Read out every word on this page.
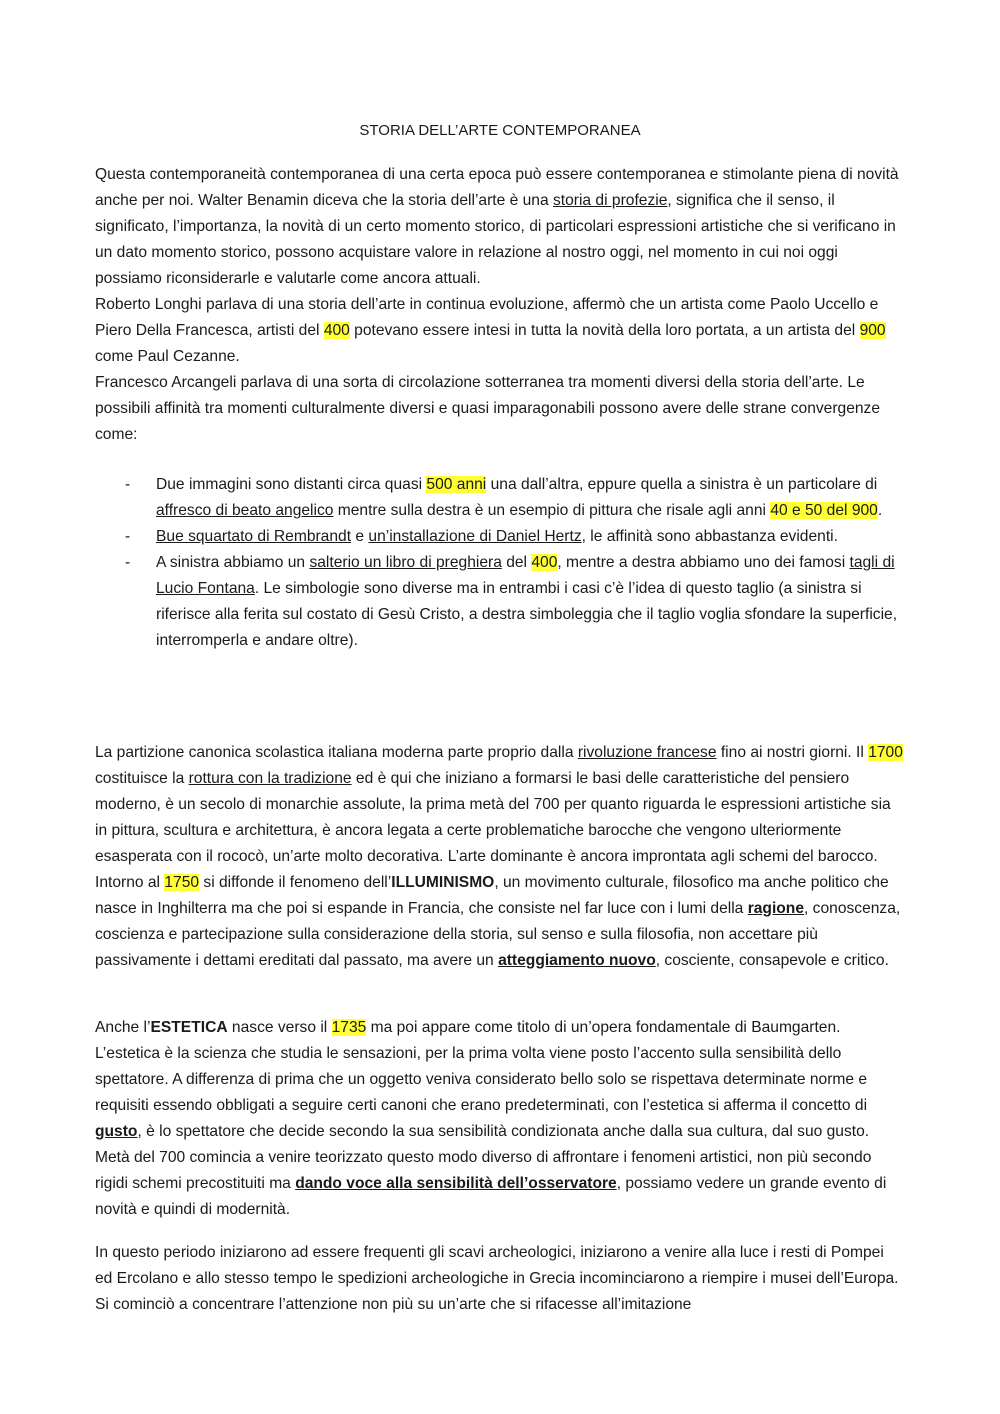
STORIA DELL’ARTE CONTEMPORANEA

Questa contemporaneità contemporanea di una certa epoca può essere contemporanea e stimolante piena di novità anche per noi. Walter Benamin diceva che la storia dell’arte è una storia di profezie, significa che il senso, il significato, l’importanza, la novità di un certo momento storico, di particolari espressioni artistiche che si verificano in un dato momento storico, possono acquistare valore in relazione al nostro oggi, nel momento in cui noi oggi possiamo riconsiderarle e valutarle come ancora attuali.

Roberto Longhi parlava di una storia dell’arte in continua evoluzione, affermò che un artista come Paolo Uccello e Piero Della Francesca, artisti del 400 potevano essere intesi in tutta la novità della loro portata, a un artista del 900 come Paul Cezanne.

Francesco Arcangeli parlava di una sorta di circolazione sotterranea tra momenti diversi della storia dell’arte. Le possibili affinità tra momenti culturalmente diversi e quasi imparagonabili possono avere delle strane convergenze come:

- Due immagini sono distanti circa quasi 500 anni una dall’altra, eppure quella a sinistra è un particolare di affresco di beato angelico mentre sulla destra è un esempio di pittura che risale agli anni 40 e 50 del 900.
- Bue squartato di Rembrandt e un’installazione di Daniel Hertz, le affinità sono abbastanza evidenti.
- A sinistra abbiamo un salterio un libro di preghiera del 400, mentre a destra abbiamo uno dei famosi tagli di Lucio Fontana. Le simbologie sono diverse ma in entrambi i casi c’è l’idea di questo taglio (a sinistra si riferisce alla ferita sul costato di Gesù Cristo, a destra simboleggia che il taglio voglia sfondare la superficie, interromperla e andare oltre).

La partizione canonica scolastica italiana moderna parte proprio dalla rivoluzione francese fino ai nostri giorni. Il 1700 costituisce la rottura con la tradizione ed è qui che iniziano a formarsi le basi delle caratteristiche del pensiero moderno, è un secolo di monarchie assolute, la prima metà del 700 per quanto riguarda le espressioni artistiche sia in pittura, scultura e architettura, è ancora legata a certe problematiche barocche che vengono ulteriormente esasperata con il rococò, un’arte molto decorativa. L’arte dominante è ancora improntata agli schemi del barocco. Intorno al 1750 si diffonde il fenomeno dell’ILLUMINISMO, un movimento culturale, filosofico ma anche politico che nasce in Inghilterra ma che poi si espande in Francia, che consiste nel far luce con i lumi della ragione, conoscenza, coscienza e partecipazione sulla considerazione della storia, sul senso e sulla filosofia, non accettare più passivamente i dettami ereditati dal passato, ma avere un atteggiamento nuovo, cosciente, consapevole e critico.

Anche l’ESTETICA nasce verso il 1735 ma poi appare come titolo di un’opera fondamentale di Baumgarten. L’estetica è la scienza che studia le sensazioni, per la prima volta viene posto l’accento sulla sensibilità dello spettatore. A differenza di prima che un oggetto veniva considerato bello solo se rispettava determinate norme e requisiti essendo obbligati a seguire certi canoni che erano predeterminati, con l’estetica si afferma il concetto di gusto, è lo spettatore che decide secondo la sua sensibilità condizionata anche dalla sua cultura, dal suo gusto. Metà del 700 comincia a venire teorizzato questo modo diverso di affrontare i fenomeni artistici, non più secondo rigidi schemi precostituiti ma dando voce alla sensibilità dell’osservatore, possiamo vedere un grande evento di novità e quindi di modernità.

In questo periodo iniziarono ad essere frequenti gli scavi archeologici, iniziarono a venire alla luce i resti di Pompei ed Ercolano e allo stesso tempo le spedizioni archeologiche in Grecia incominciarono a riempire i musei dell’Europa. Si cominciò a concentrare l’attenzione non più su un’arte che si rifacesse all’imitazione
